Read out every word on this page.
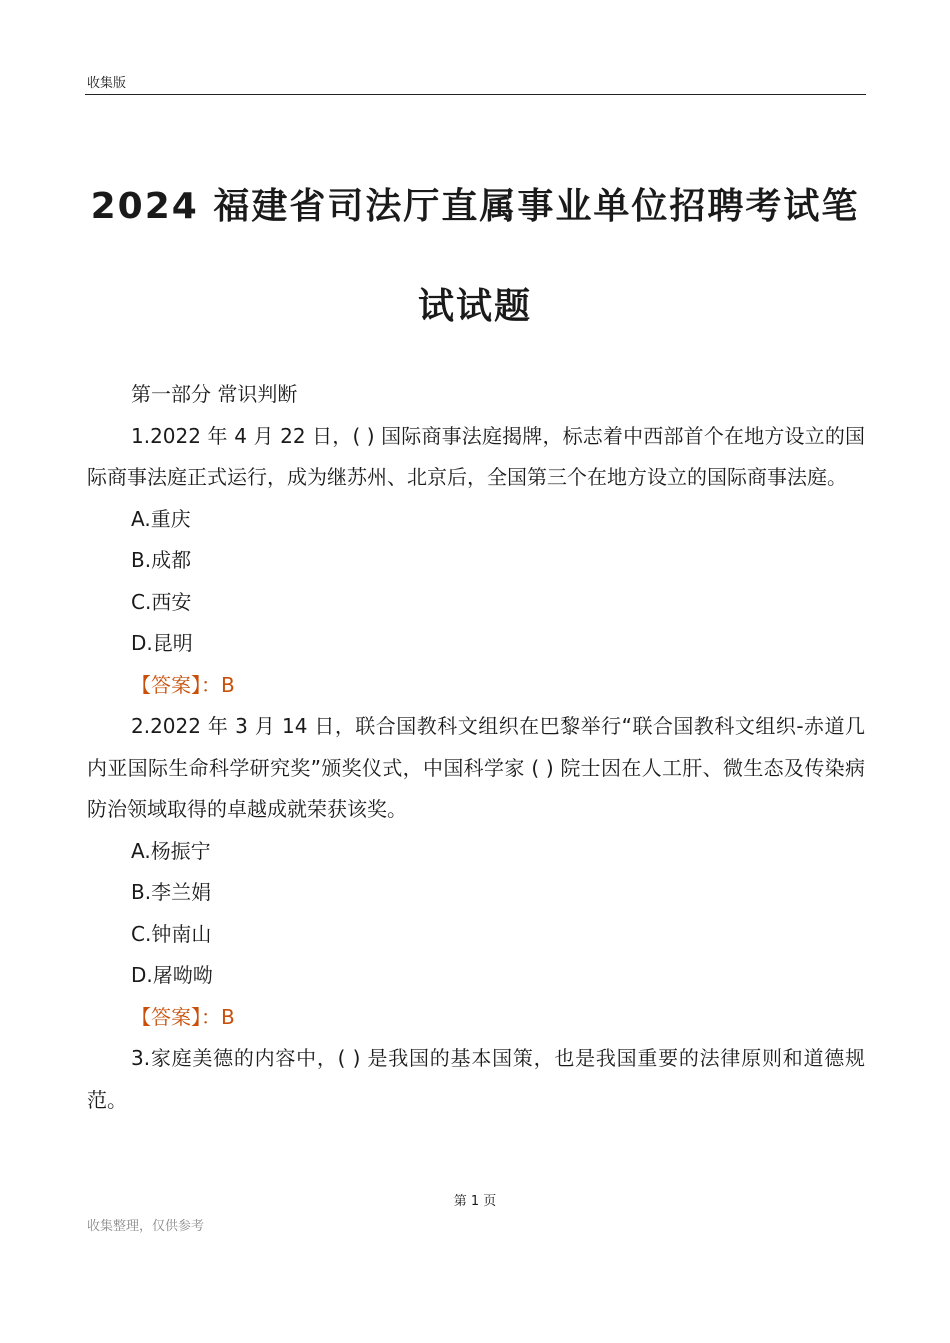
收集版
2024 福建省司法厅直属事业单位招聘考试笔
试试题

第一部分 常识判断

1.2022 年 4 月 22 日，( ) 国际商事法庭揭牌，标志着中西部首个在地方设立的国际商事法庭正式运行，成为继苏州、北京后，全国第三个在地方设立的国际商事法庭。

A.重庆

B.成都

C.西安

D.昆明

【答案】：B

2.2022 年 3 月 14 日，联合国教科文组织在巴黎举行“联合国教科文组织-赤道几内亚国际生命科学研究奖”颁奖仪式，中国科学家 ( ) 院士因在人工肝、微生态及传染病防治领域取得的卓越成就荣获该奖。

A.杨振宁

B.李兰娟

C.钟南山

D.屠呦呦

【答案】：B

3.家庭美德的内容中，( ) 是我国的基本国策，也是我国重要的法律原则和道德规范。

第 1 页
收集整理，仅供参考
